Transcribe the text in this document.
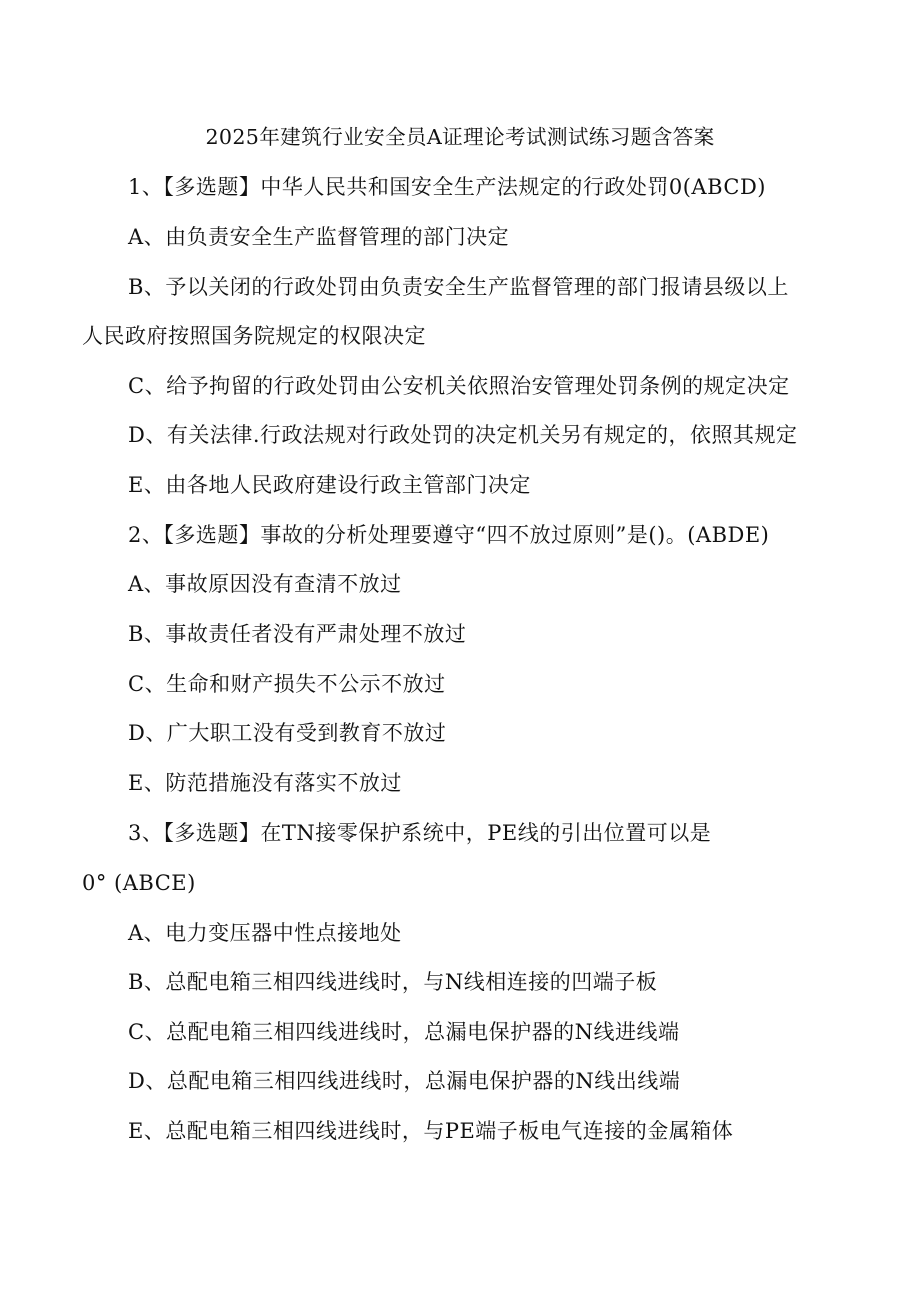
2025年建筑行业安全员A证理论考试测试练习题含答案
1、【多选题】中华人民共和国安全生产法规定的行政处罚0(ABCD)
A、由负责安全生产监督管理的部门决定
B、予以关闭的行政处罚由负责安全生产监督管理的部门报请县级以上
人民政府按照国务院规定的权限决定
C、给予拘留的行政处罚由公安机关依照治安管理处罚条例的规定决定
D、有关法律.行政法规对行政处罚的决定机关另有规定的，依照其规定
E、由各地人民政府建设行政主管部门决定
2、【多选题】事故的分析处理要遵守“四不放过原则”是()。(ABDE)
A、事故原因没有查清不放过
B、事故责任者没有严肃处理不放过
C、生命和财产损失不公示不放过
D、广大职工没有受到教育不放过
E、防范措施没有落实不放过
3、【多选题】在TN接零保护系统中，PE线的引出位置可以是
0° (ABCE)
A、电力变压器中性点接地处
B、总配电箱三相四线进线时，与N线相连接的凹端子板
C、总配电箱三相四线进线时，总漏电保护器的N线进线端
D、总配电箱三相四线进线时，总漏电保护器的N线出线端
E、总配电箱三相四线进线时，与PE端子板电气连接的金属箱体
